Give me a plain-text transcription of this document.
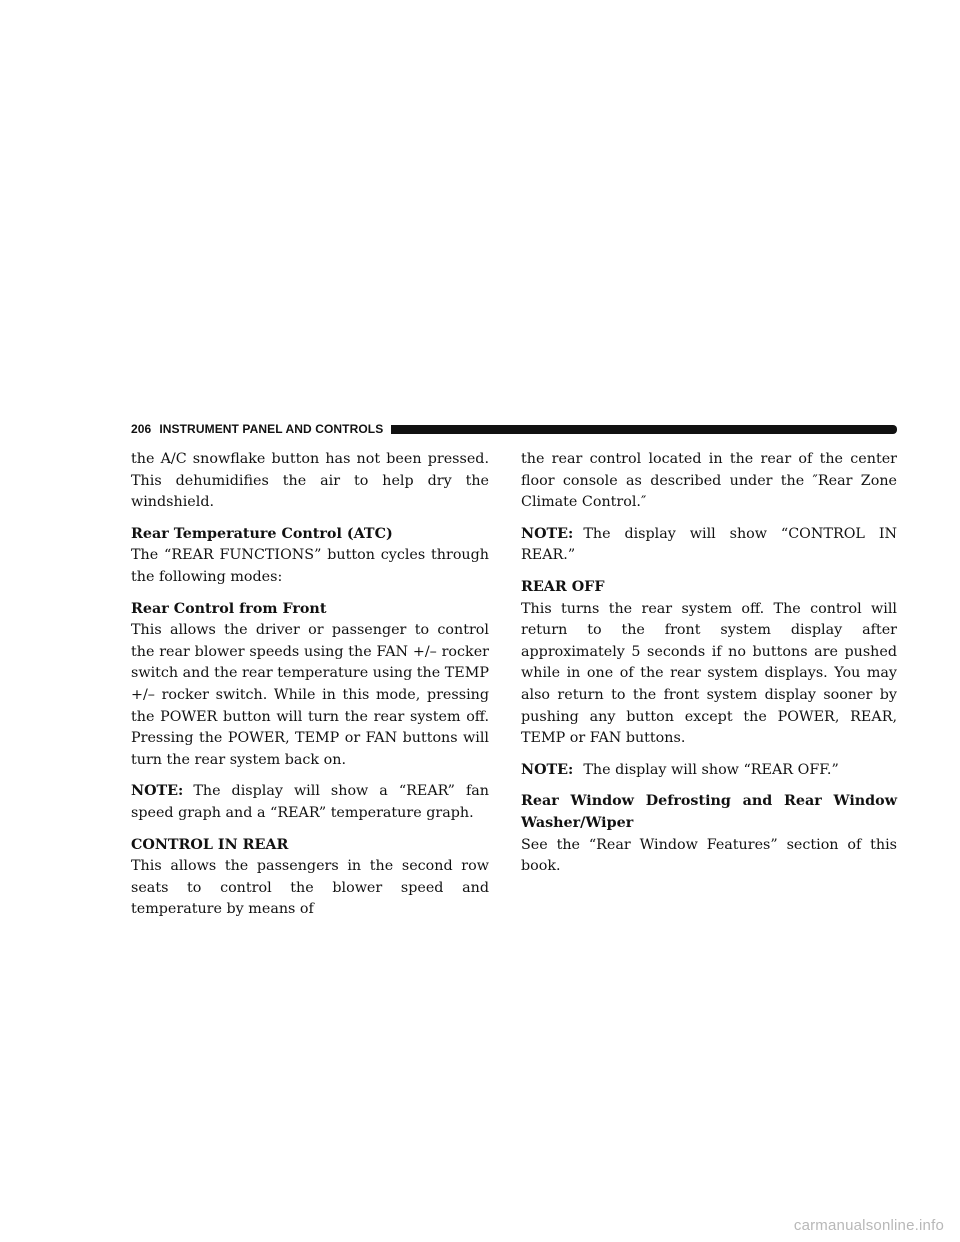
206 INSTRUMENT PANEL AND CONTROLS

the A/C snowflake button has not been pressed. This dehumidifies the air to help dry the windshield.

Rear Temperature Control (ATC)
The “REAR FUNCTIONS” button cycles through the following modes:

Rear Control from Front
This allows the driver or passenger to control the rear blower speeds using the FAN +/– rocker switch and the rear temperature using the TEMP +/– rocker switch. While in this mode, pressing the POWER button will turn the rear system off. Pressing the POWER, TEMP or FAN buttons will turn the rear system back on.

NOTE: The display will show a “REAR” fan speed graph and a “REAR” temperature graph.

CONTROL IN REAR
This allows the passengers in the second row seats to control the blower speed and temperature by means of

the rear control located in the rear of the center floor console as described under the ″Rear Zone Climate Control.″

NOTE: The display will show “CONTROL IN REAR.”

REAR OFF
This turns the rear system off. The control will return to the front system display after approximately 5 seconds if no buttons are pushed while in one of the rear system displays. You may also return to the front system display sooner by pushing any button except the POWER, REAR, TEMP or FAN buttons.

NOTE: The display will show “REAR OFF.”

Rear Window Defrosting and Rear Window Washer/Wiper
See the “Rear Window Features” section of this book.

carmanualsonline.info
